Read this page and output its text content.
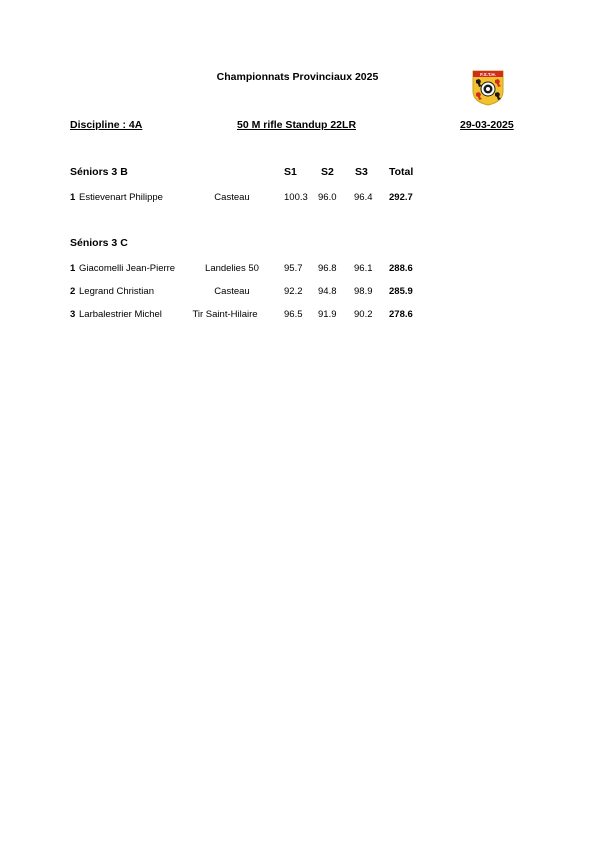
Championnats Provinciaux 2025	F.S.T.H.
Discipline : 4A	50 M rifle Standup 22LR	29-03-2025
Séniors 3 B	S1 S2 S3 Total
1 Estievenart Philippe	Casteau	100.3 96.0 96.4 292.7
Séniors 3 C
1 Giacomelli Jean-Pierre	Landelies 50	95.7 96.8 96.1 288.6
2 Legrand Christian	Casteau	92.2 94.8 98.9 285.9
3 Larbalestrier Michel	Tir Saint-Hilaire	96.5 91.9 90.2 278.6
